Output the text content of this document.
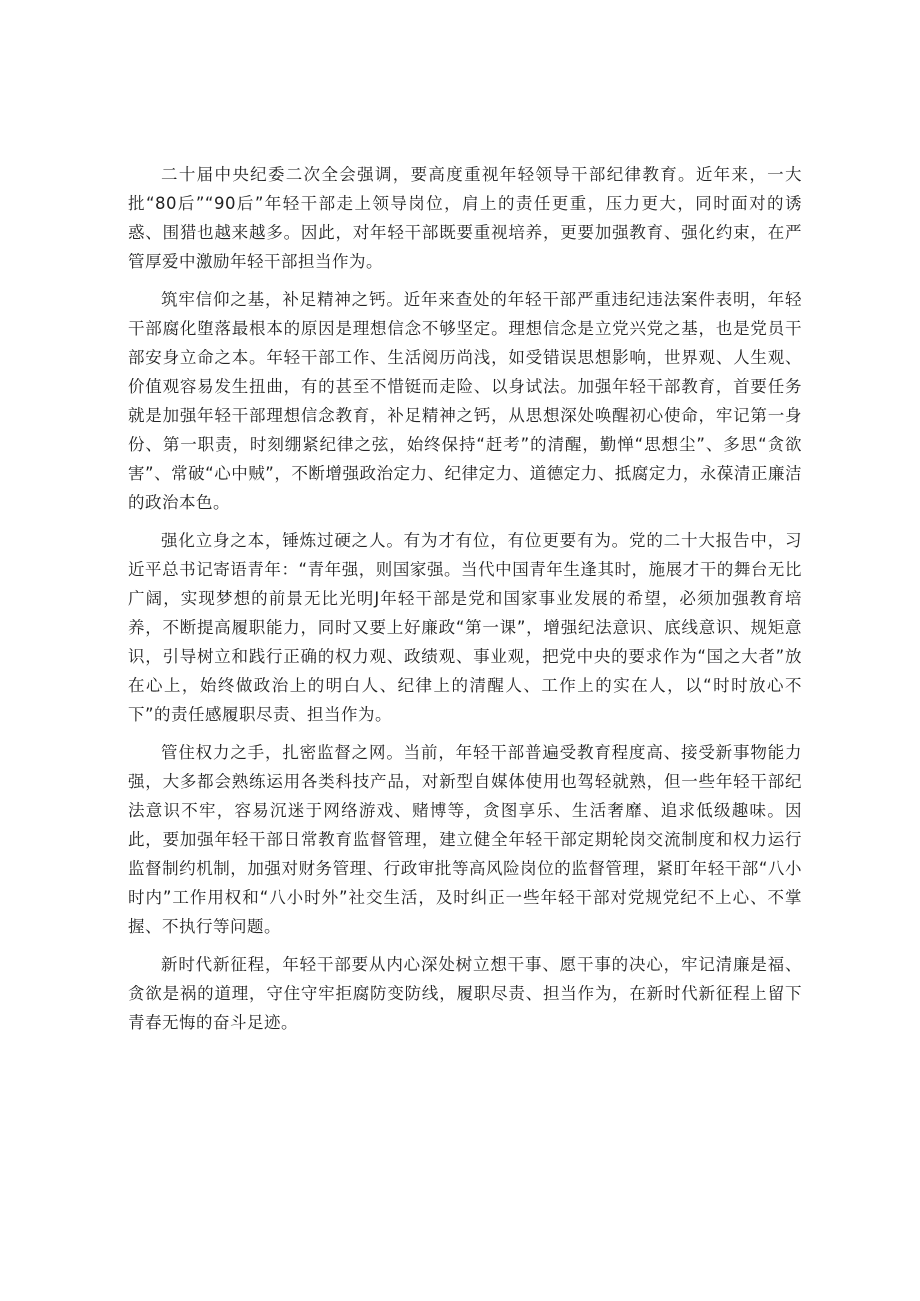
二十届中央纪委二次全会强调，要高度重视年轻领导干部纪律教育。近年来，一大批“80后”“90后”年轻干部走上领导岗位，肩上的责任更重，压力更大，同时面对的诱惑、围猎也越来越多。因此，对年轻干部既要重视培养，更要加强教育、强化约束，在严管厚爱中激励年轻干部担当作为。

筑牢信仰之基，补足精神之钙。近年来查处的年轻干部严重违纪违法案件表明，年轻干部腐化堕落最根本的原因是理想信念不够坚定。理想信念是立党兴党之基，也是党员干部安身立命之本。年轻干部工作、生活阅历尚浅，如受错误思想影响，世界观、人生观、价值观容易发生扭曲，有的甚至不惜铤而走险、以身试法。加强年轻干部教育，首要任务就是加强年轻干部理想信念教育，补足精神之钙，从思想深处唤醒初心使命，牢记第一身份、第一职责，时刻绷紧纪律之弦，始终保持“赶考”的清醒，勤惮“思想尘”、多思“贪欲害”、常破“心中贼”，不断增强政治定力、纪律定力、道德定力、抵腐定力，永葆清正廉洁的政治本色。

强化立身之本，锤炼过硬之人。有为才有位，有位更要有为。党的二十大报告中，习近平总书记寄语青年：“青年强，则国家强。当代中国青年生逢其时，施展才干的舞台无比广阔，实现梦想的前景无比光明J年轻干部是党和国家事业发展的希望，必须加强教育培养，不断提高履职能力，同时又要上好廉政“第一课”，增强纪法意识、底线意识、规矩意识，引导树立和践行正确的权力观、政绩观、事业观，把党中央的要求作为“国之大者”放在心上，始终做政治上的明白人、纪律上的清醒人、工作上的实在人，以“时时放心不下”的责任感履职尽责、担当作为。

管住权力之手，扎密监督之网。当前，年轻干部普遍受教育程度高、接受新事物能力强，大多都会熟练运用各类科技产品，对新型自媒体使用也驾轻就熟，但一些年轻干部纪法意识不牢，容易沉迷于网络游戏、赌博等，贪图享乐、生活奢靡、追求低级趣味。因此，要加强年轻干部日常教育监督管理，建立健全年轻干部定期轮岗交流制度和权力运行监督制约机制，加强对财务管理、行政审批等高风险岗位的监督管理，紧盯年轻干部“八小时内”工作用权和“八小时外”社交生活，及时纠正一些年轻干部对党规党纪不上心、不掌握、不执行等问题。

新时代新征程，年轻干部要从内心深处树立想干事、愿干事的决心，牢记清廉是福、贪欲是祸的道理，守住守牢拒腐防变防线，履职尽责、担当作为，在新时代新征程上留下青春无悔的奋斗足迹。
